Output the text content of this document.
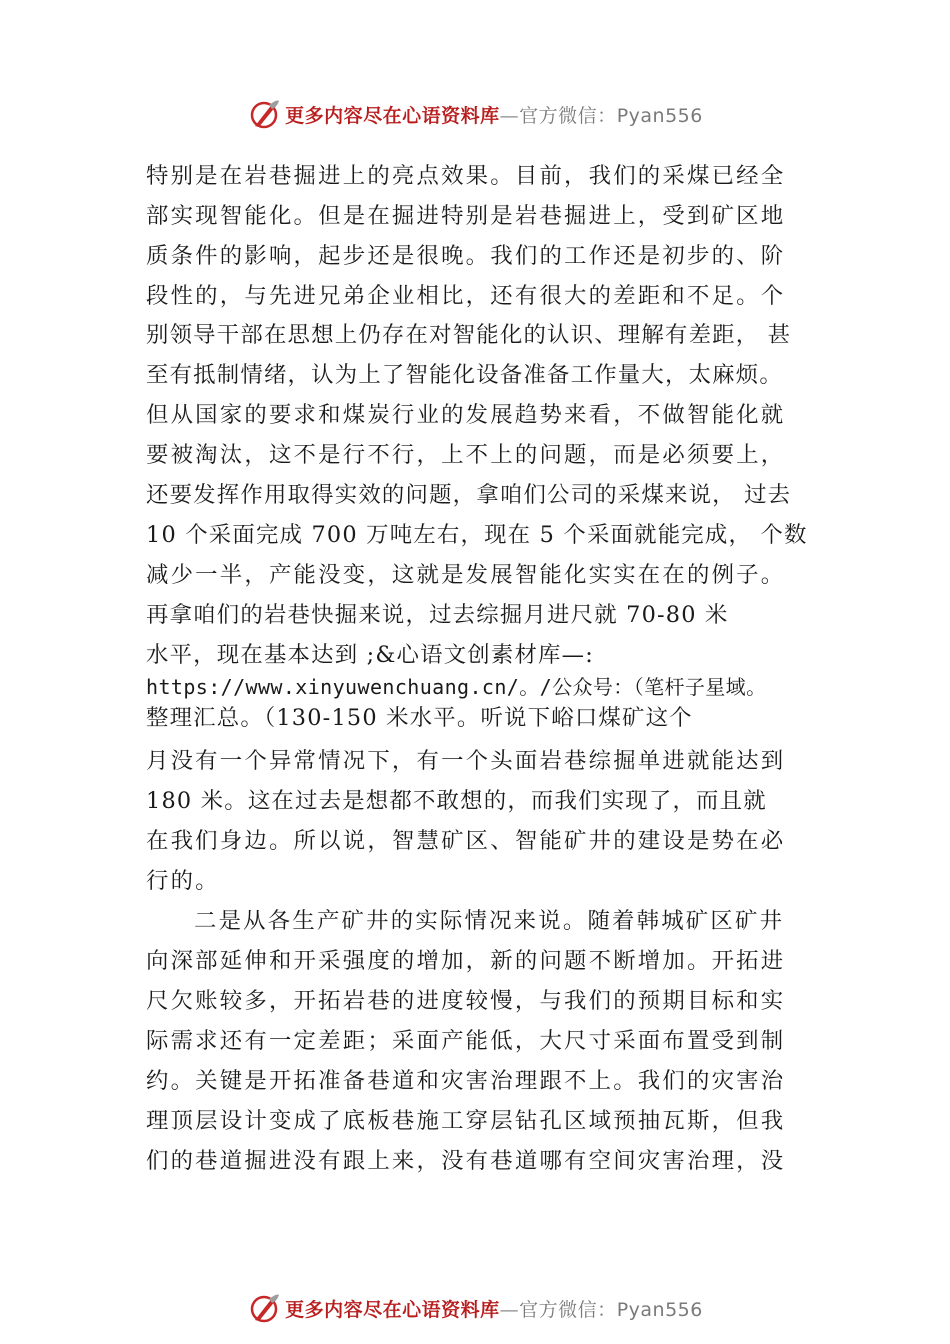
更多内容尽在心语资料库—官方微信：Pyan556
特别是在岩巷掘进上的亮点效果。目前，我们的采煤已经全
部实现智能化。但是在掘进特别是岩巷掘进上，受到矿区地
质条件的影响，起步还是很晚。我们的工作还是初步的、阶
段性的，与先进兄弟企业相比，还有很大的差距和不足。个
别领导干部在思想上仍存在对智能化的认识、理解有差距， 甚
至有抵制情绪，认为上了智能化设备准备工作量大，太麻烦。
但从国家的要求和煤炭行业的发展趋势来看，不做智能化就
要被淘汰，这不是行不行，上不上的问题，而是必须要上，
还要发挥作用取得实效的问题，拿咱们公司的采煤来说， 过去
10 个采面完成 700 万吨左右，现在 5 个采面就能完成， 个数
减少一半，产能没变，这就是发展智能化实实在在的例子。
再拿咱们的岩巷快掘来说，过去综掘月进尺就 70-80 米
水平，现在基本达到 ;&心语文创素材库—:
https://www.xinyuwenchuang.cn/。/公众号：（笔杆子星域。
整理汇总。（130-150 米水平。听说下峪口煤矿这个
月没有一个异常情况下，有一个头面岩巷综掘单进就能达到
180 米。这在过去是想都不敢想的，而我们实现了，而且就
在我们身边。所以说，智慧矿区、智能矿井的建设是势在必
行的。
二是从各生产矿井的实际情况来说。随着韩城矿区矿井
向深部延伸和开采强度的增加，新的问题不断增加。开拓进
尺欠账较多，开拓岩巷的进度较慢，与我们的预期目标和实
际需求还有一定差距；采面产能低，大尺寸采面布置受到制
约。关键是开拓准备巷道和灾害治理跟不上。我们的灾害治
理顶层设计变成了底板巷施工穿层钻孔区域预抽瓦斯，但我
们的巷道掘进没有跟上来，没有巷道哪有空间灾害治理，没
更多内容尽在心语资料库—官方微信：Pyan556
